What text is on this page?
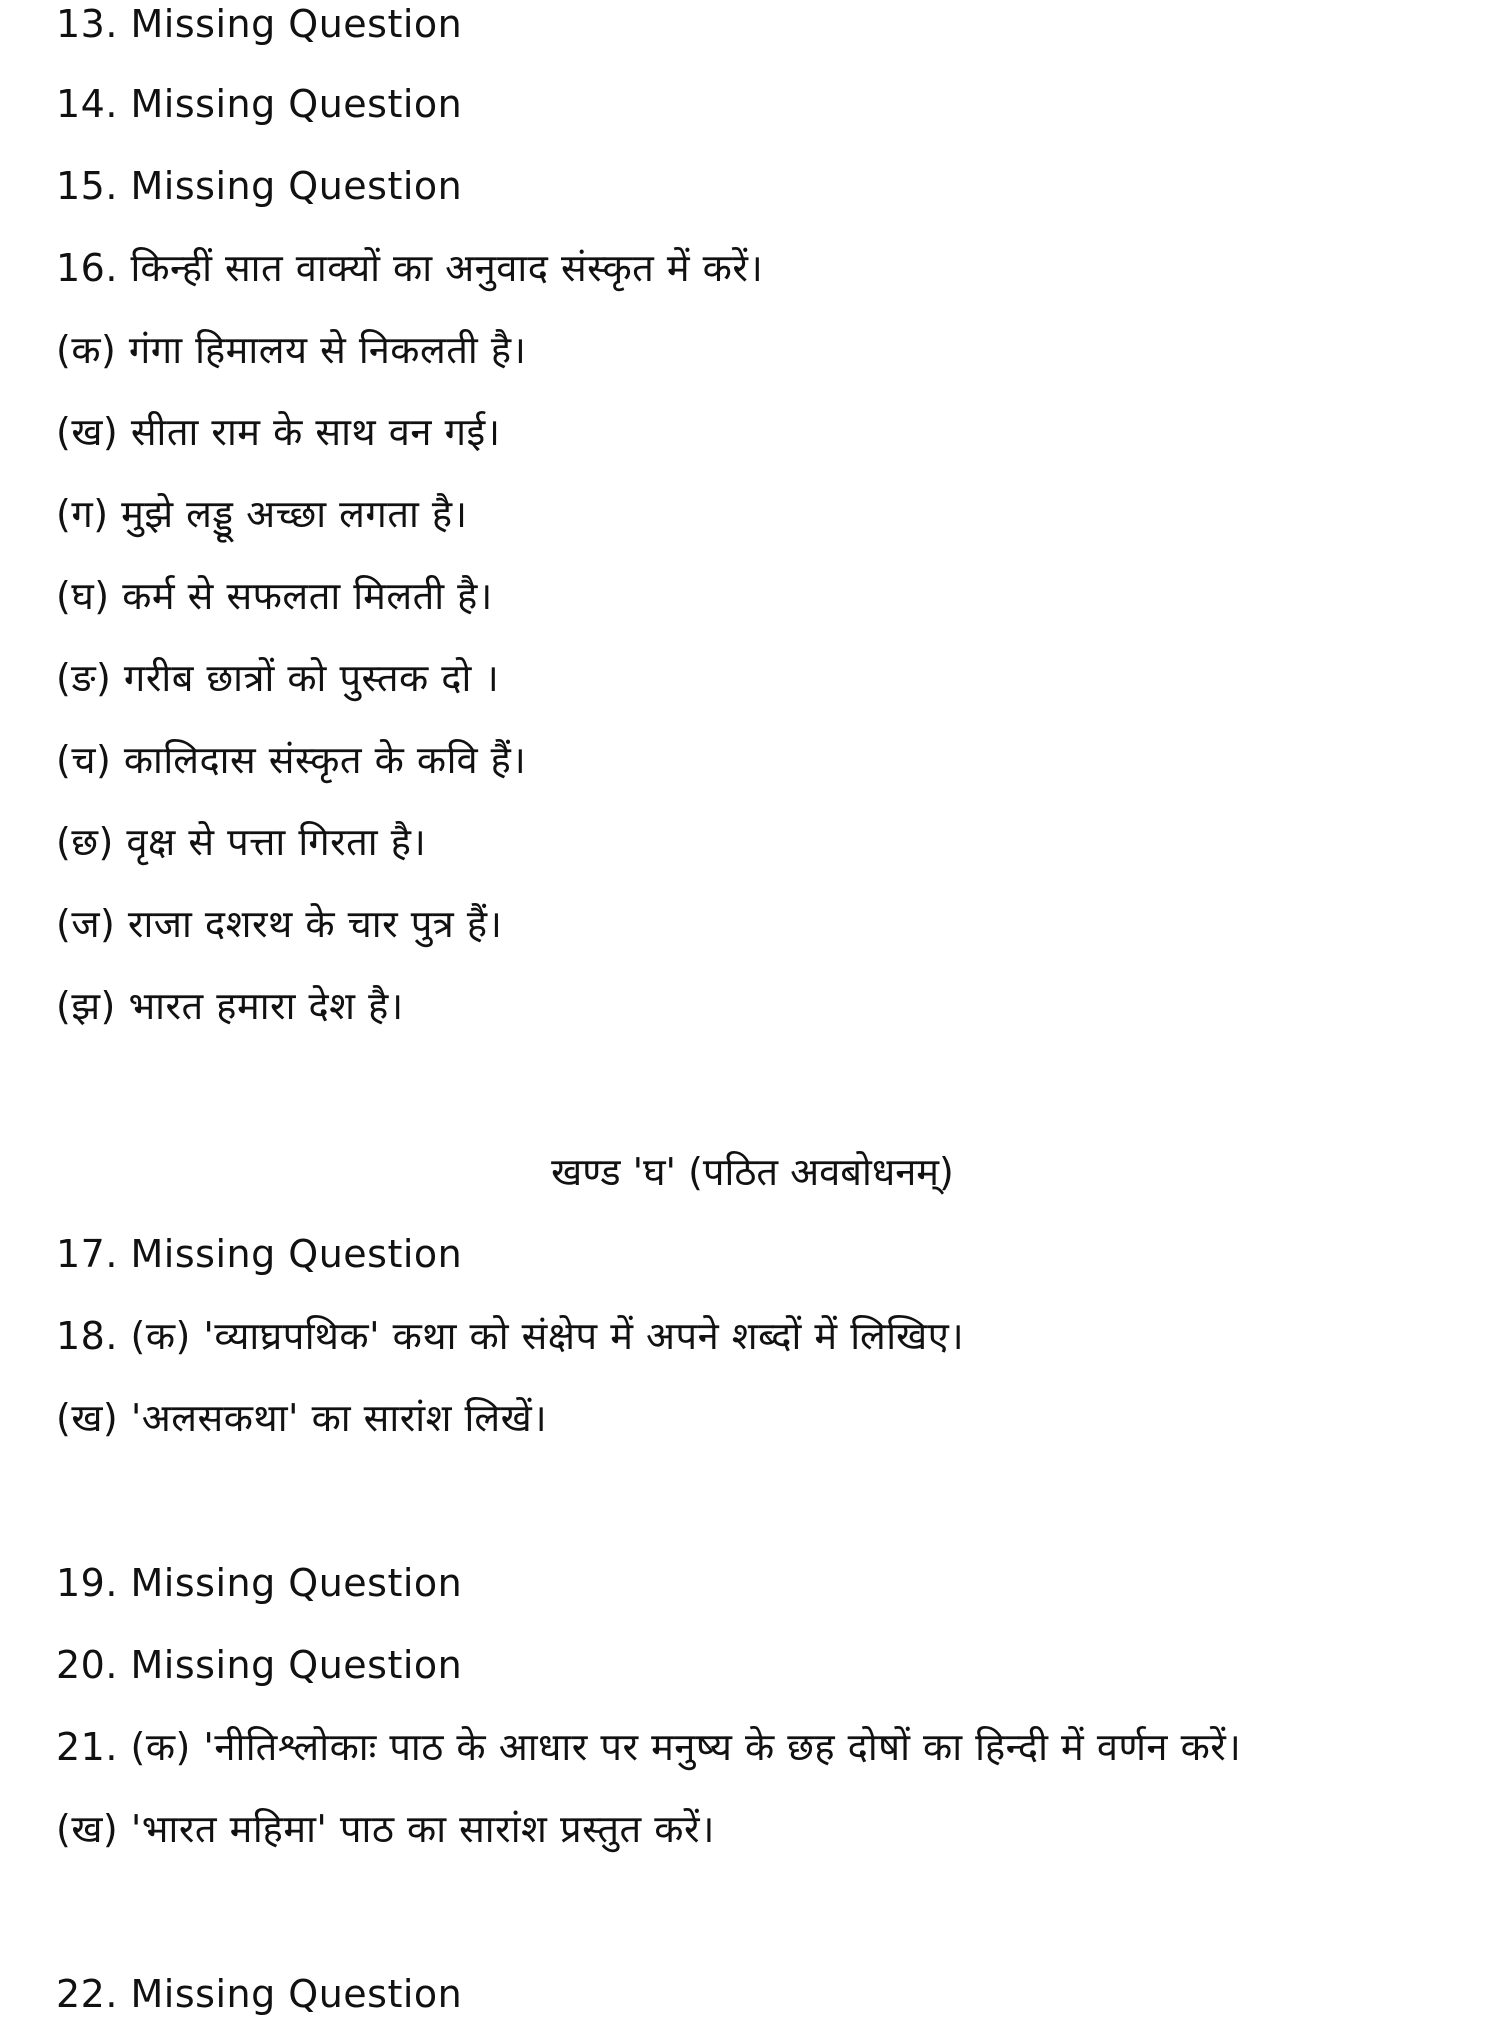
13. Missing Question
14. Missing Question
15. Missing Question
16. किन्हीं सात वाक्यों का अनुवाद संस्कृत में करें।
(क) गंगा हिमालय से निकलती है।
(ख) सीता राम के साथ वन गई।
(ग) मुझे लड्डू अच्छा लगता है।
(घ) कर्म से सफलता मिलती है।
(ङ) गरीब छात्रों को पुस्तक दो ।
(च) कालिदास संस्कृत के कवि हैं।
(छ) वृक्ष से पत्ता गिरता है।
(ज) राजा दशरथ के चार पुत्र हैं।
(झ) भारत हमारा देश है।
खण्ड 'घ' (पठित अवबोधनम्)
17. Missing Question
18. (क) 'व्याघ्रपथिक' कथा को संक्षेप में अपने शब्दों में लिखिए।
(ख) 'अलसकथा' का सारांश लिखें।
19. Missing Question
20. Missing Question
21. (क) 'नीतिश्लोकाः पाठ के आधार पर मनुष्य के छह दोषों का हिन्दी में वर्णन करें।
(ख) 'भारत महिमा' पाठ का सारांश प्रस्तुत करें।
22. Missing Question
